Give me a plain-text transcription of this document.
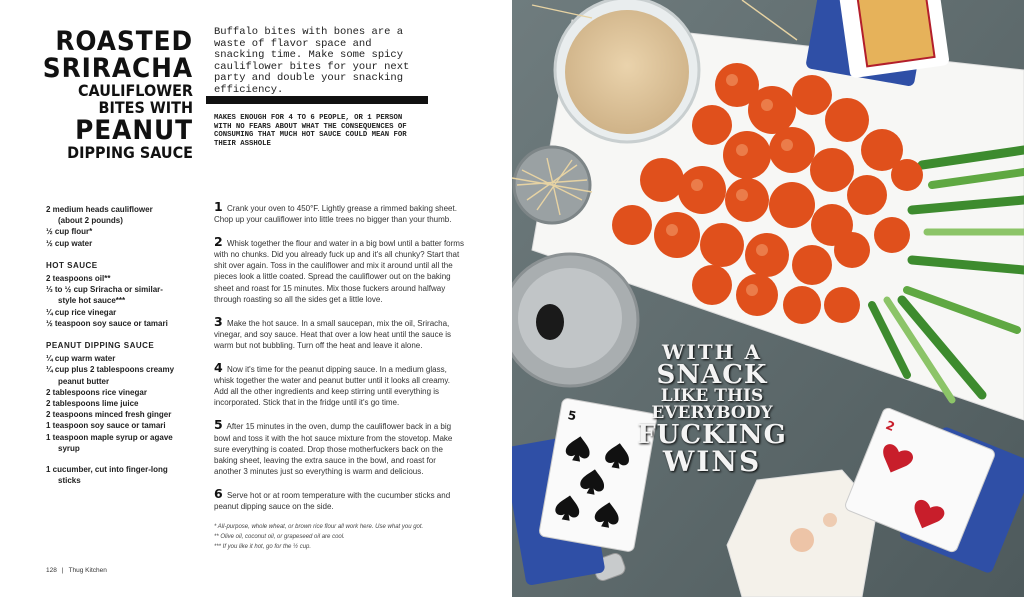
ROASTED
SRIRACHA
CAULIFLOWER
BITES WITH
PEANUT
DIPPING SAUCE
Buffalo bites with bones are a waste of flavor space and snacking time. Make some spicy cauliflower bites for your next party and double your snacking efficiency.
MAKES ENOUGH FOR 4 TO 6 PEOPLE, OR 1 PERSON WITH NO FEARS ABOUT WHAT THE CONSEQUENCES OF CONSUMING THAT MUCH HOT SAUCE COULD MEAN FOR THEIR ASSHOLE
2 medium heads cauliflower
(about 2 pounds)
½ cup flour*
½ cup water
HOT SAUCE
2 teaspoons oil**
⅓ to ½ cup Sriracha or similar-
style hot sauce***
¼ cup rice vinegar
½ teaspoon soy sauce or tamari
PEANUT DIPPING SAUCE
¼ cup warm water
¼ cup plus 2 tablespoons creamy
peanut butter
2 tablespoons rice vinegar
2 tablespoons lime juice
2 teaspoons minced fresh ginger
1 teaspoon soy sauce or tamari
1 teaspoon maple syrup or agave
syrup
1 cucumber, cut into finger-long
sticks
1 Crank your oven to 450°F. Lightly grease a rimmed baking sheet. Chop up your cauliflower into little trees no bigger than your thumb.
2 Whisk together the flour and water in a big bowl until a batter forms with no chunks. Did you already fuck up and it's all chunky? Start that shit over again. Toss in the cauliflower and mix it around until all the pieces look a little coated. Spread the cauliflower out on the baking sheet and roast for 15 minutes. Mix those fuckers around halfway through roasting so all the sides get a little love.
3 Make the hot sauce. In a small saucepan, mix the oil, Sriracha, vinegar, and soy sauce. Heat that over a low heat until the sauce is warm but not bubbling. Turn off the heat and leave it alone.
4 Now it's time for the peanut dipping sauce. In a medium glass, whisk together the water and peanut butter until it looks all creamy. Add all the other ingredients and keep stirring until everything is incorporated. Stick that in the fridge until it's go time.
5 After 15 minutes in the oven, dump the cauliflower back in a big bowl and toss it with the hot sauce mixture from the stovetop. Make sure everything is coated. Drop those motherfuckers back on the baking sheet, leaving the extra sauce in the bowl, and roast for another 3 minutes just so everything is warm and delicious.
6 Serve hot or at room temperature with the cucumber sticks and peanut dipping sauce on the side.
* All-purpose, whole wheat, or brown rice flour all work here. Use what you got.
** Olive oil, coconut oil, or grapeseed oil are cool.
*** If you like it hot, go for the ½ cup.
128 | Thug Kitchen
5
2
WITH A
SNACK
LIKE THIS EVERYBODY
FUCKING
WINS
